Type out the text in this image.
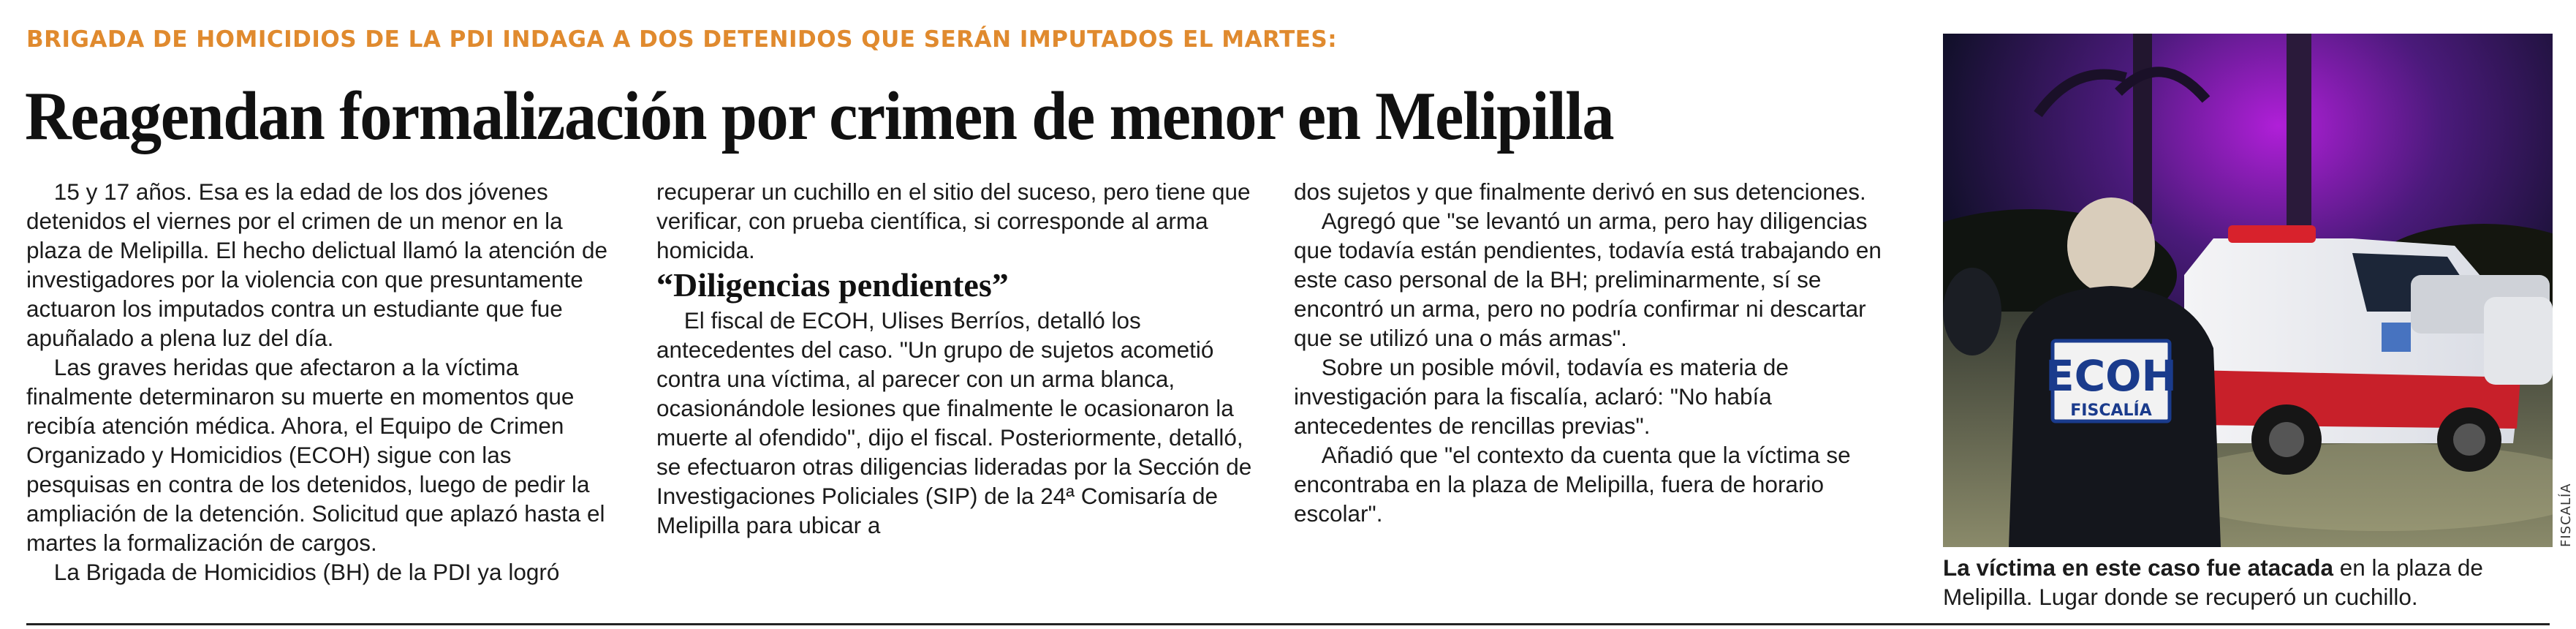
BRIGADA DE HOMICIDIOS DE LA PDI INDAGA A DOS DETENIDOS QUE SERÁN IMPUTADOS EL MARTES:
Reagendan formalización por crimen de menor en Melipilla

15 y 17 años. Esa es la edad de los dos jóvenes detenidos el viernes por el crimen de un menor en la plaza de Melipilla. El hecho delictual llamó la atención de investigadores por la violencia con que presuntamente actuaron los imputados contra un estudiante que fue apuñalado a plena luz del día.

Las graves heridas que afectaron a la víctima finalmente determinaron su muerte en momentos que recibía atención médica. Ahora, el Equipo de Crimen Organizado y Homicidios (ECOH) sigue con las pesquisas en contra de los detenidos, luego de pedir la ampliación de la detención. Solicitud que aplazó hasta el martes la formalización de cargos.

La Brigada de Homicidios (BH) de la PDI ya logró

recuperar un cuchillo en el sitio del suceso, pero tiene que verificar, con prueba científica, si corresponde al arma homicida.

“Diligencias pendientes”

El fiscal de ECOH, Ulises Berríos, detalló los antecedentes del caso. "Un grupo de sujetos acometió contra una víctima, al parecer con un arma blanca, ocasionándole lesiones que finalmente le ocasionaron la muerte al ofendido", dijo el fiscal. Posteriormente, detalló, se efectuaron otras diligencias lideradas por la Sección de Investigaciones Policiales (SIP) de la 24ª Comisaría de Melipilla para ubicar a

dos sujetos y que finalmente derivó en sus detenciones.

Agregó que "se levantó un arma, pero hay diligencias que todavía están pendientes, todavía está trabajando en este caso personal de la BH; preliminarmente, sí se encontró un arma, pero no podría confirmar ni descartar que se utilizó una o más armas".

Sobre un posible móvil, todavía es materia de investigación para la fiscalía, aclaró: "No había antecedentes de rencillas previas".

Añadió que "el contexto da cuenta que la víctima se encontraba en la plaza de Melipilla, fuera de horario escolar".

ECOH
FISCALÍA
FISCALÍA
La víctima en este caso fue atacada en la plaza de Melipilla. Lugar donde se recuperó un cuchillo.
